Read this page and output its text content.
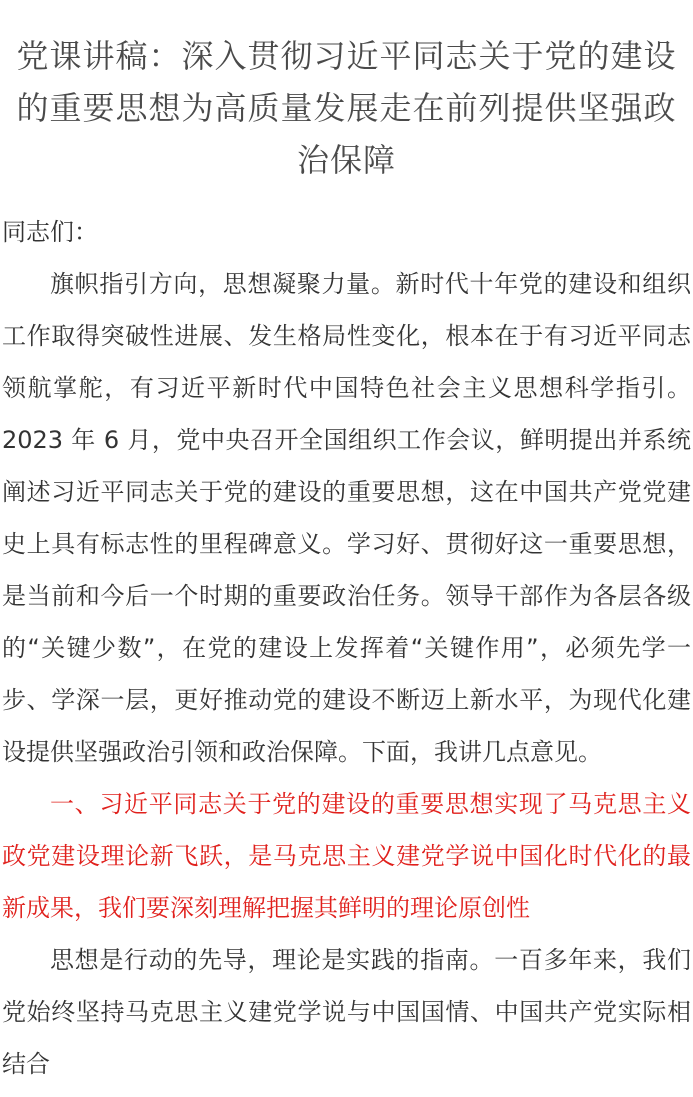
党课讲稿：深入贯彻习近平同志关于党的建设的重要思想为高质量发展走在前列提供坚强政治保障

同志们：

旗帜指引方向，思想凝聚力量。新时代十年党的建设和组织工作取得突破性进展、发生格局性变化，根本在于有习近平同志领航掌舵，有习近平新时代中国特色社会主义思想科学指引。2023 年 6 月，党中央召开全国组织工作会议，鲜明提出并系统阐述习近平同志关于党的建设的重要思想，这在中国共产党党建史上具有标志性的里程碑意义。学习好、贯彻好这一重要思想，是当前和今后一个时期的重要政治任务。领导干部作为各层各级的“关键少数”，在党的建设上发挥着“关键作用”，必须先学一步、学深一层，更好推动党的建设不断迈上新水平，为现代化建设提供坚强政治引领和政治保障。下面，我讲几点意见。

一、习近平同志关于党的建设的重要思想实现了马克思主义政党建设理论新飞跃，是马克思主义建党学说中国化时代化的最新成果，我们要深刻理解把握其鲜明的理论原创性

思想是行动的先导，理论是实践的指南。一百多年来，我们党始终坚持马克思主义建党学说与中国国情、中国共产党实际相结合
